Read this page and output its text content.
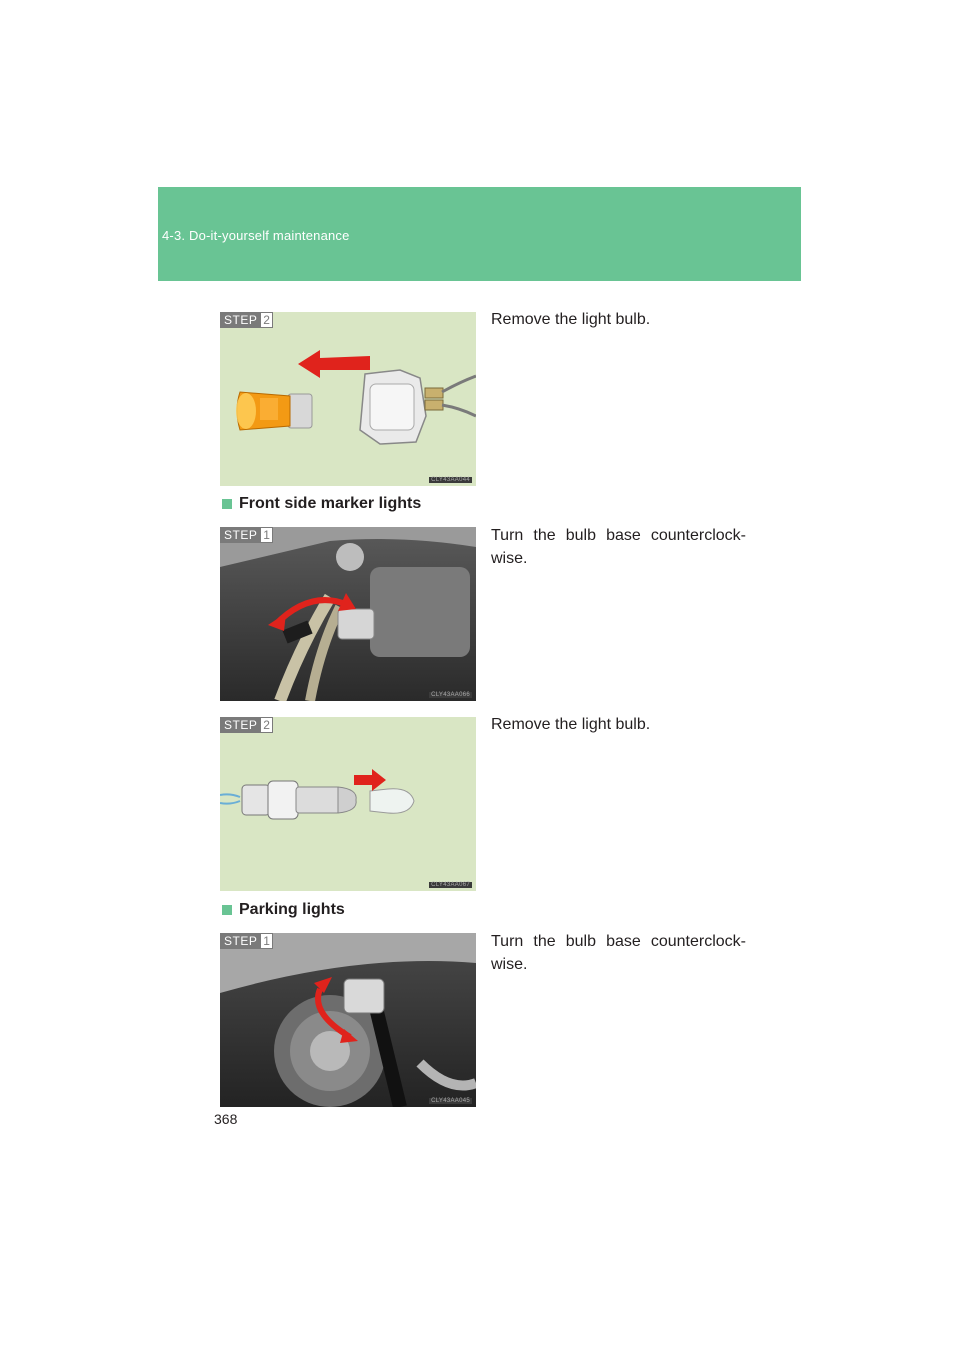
4-3. Do-it-yourself maintenance
STEP 2
CLY43AA044
Remove the light bulb.
Front side marker lights
STEP 1
CLY43AA066
Turn the bulb base counterclock-wise.
STEP 2
CLY43AA067
Remove the light bulb.
Parking lights
STEP 1
CLY43AA045
Turn the bulb base counterclock-wise.
368
